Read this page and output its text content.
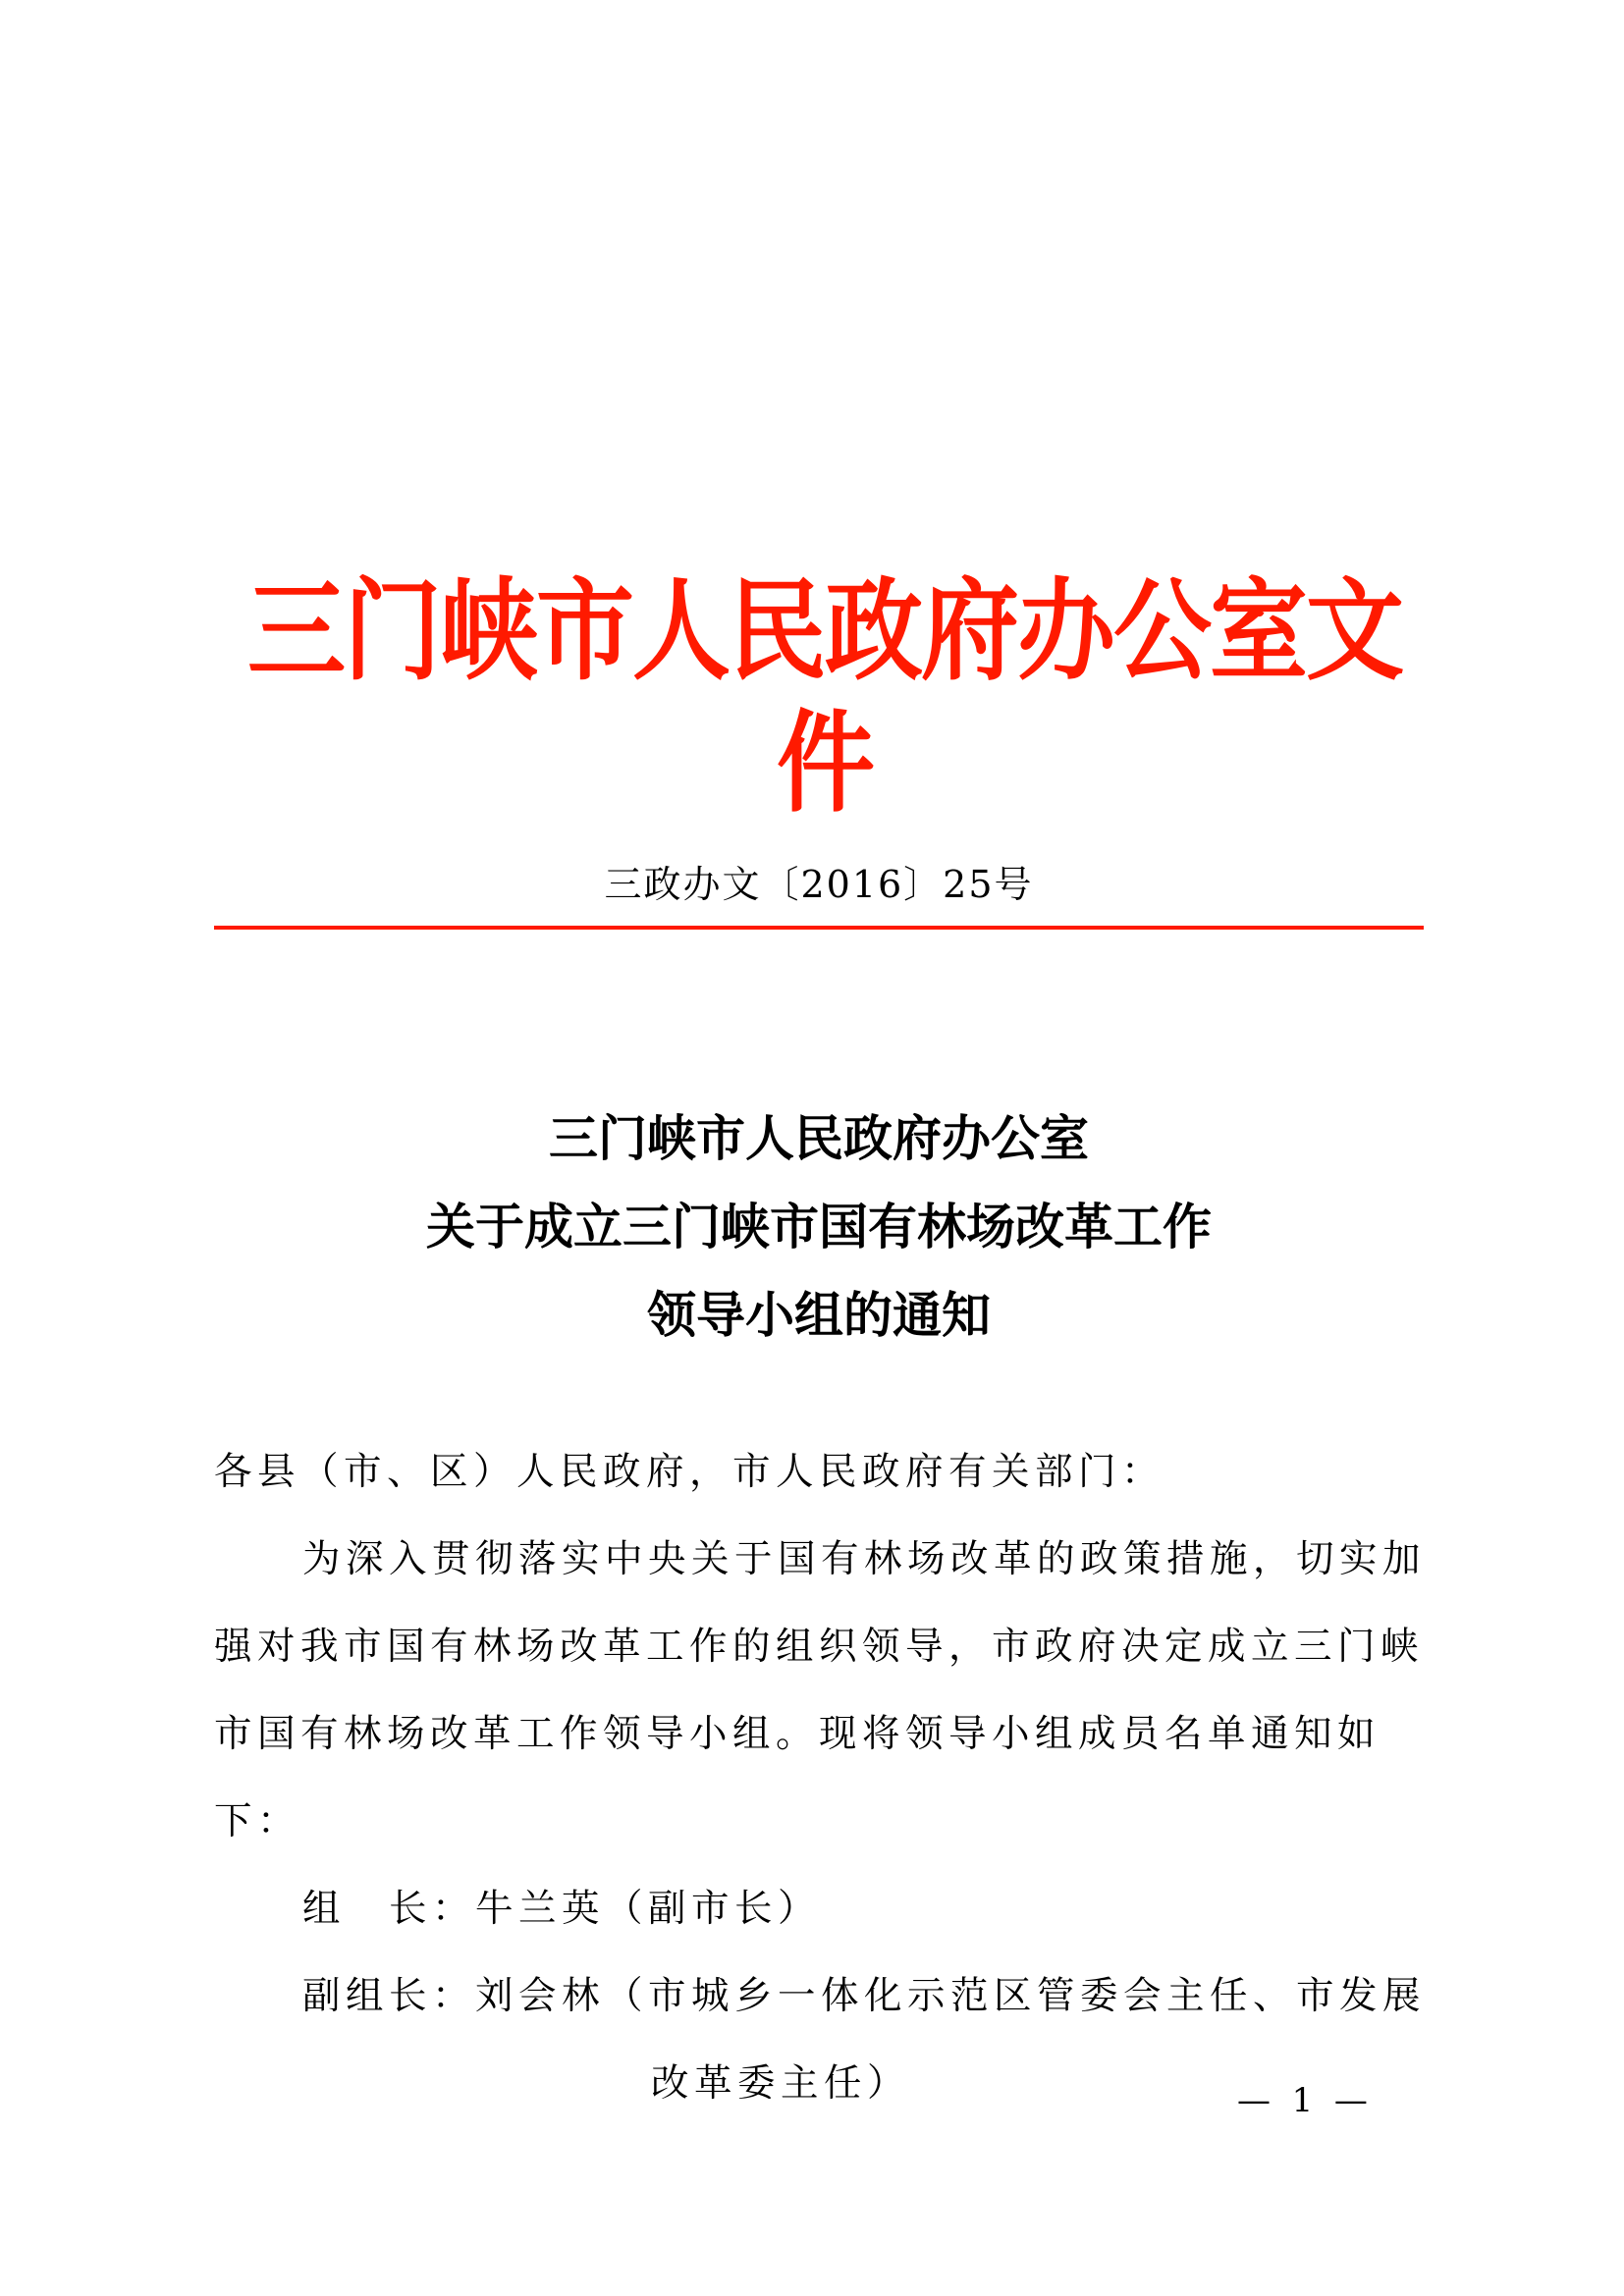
三门峡市人民政府办公室文件
三政办文〔2016〕25号
三门峡市人民政府办公室
关于成立三门峡市国有林场改革工作
领导小组的通知
各县（市、区）人民政府，市人民政府有关部门：
为深入贯彻落实中央关于国有林场改革的政策措施，切实加
强对我市国有林场改革工作的组织领导，市政府决定成立三门峡
市国有林场改革工作领导小组。现将领导小组成员名单通知如
下：
组　长：牛兰英（副市长）
副组长：刘会林（市城乡一体化示范区管委会主任、市发展
改革委主任）	—  1  —
